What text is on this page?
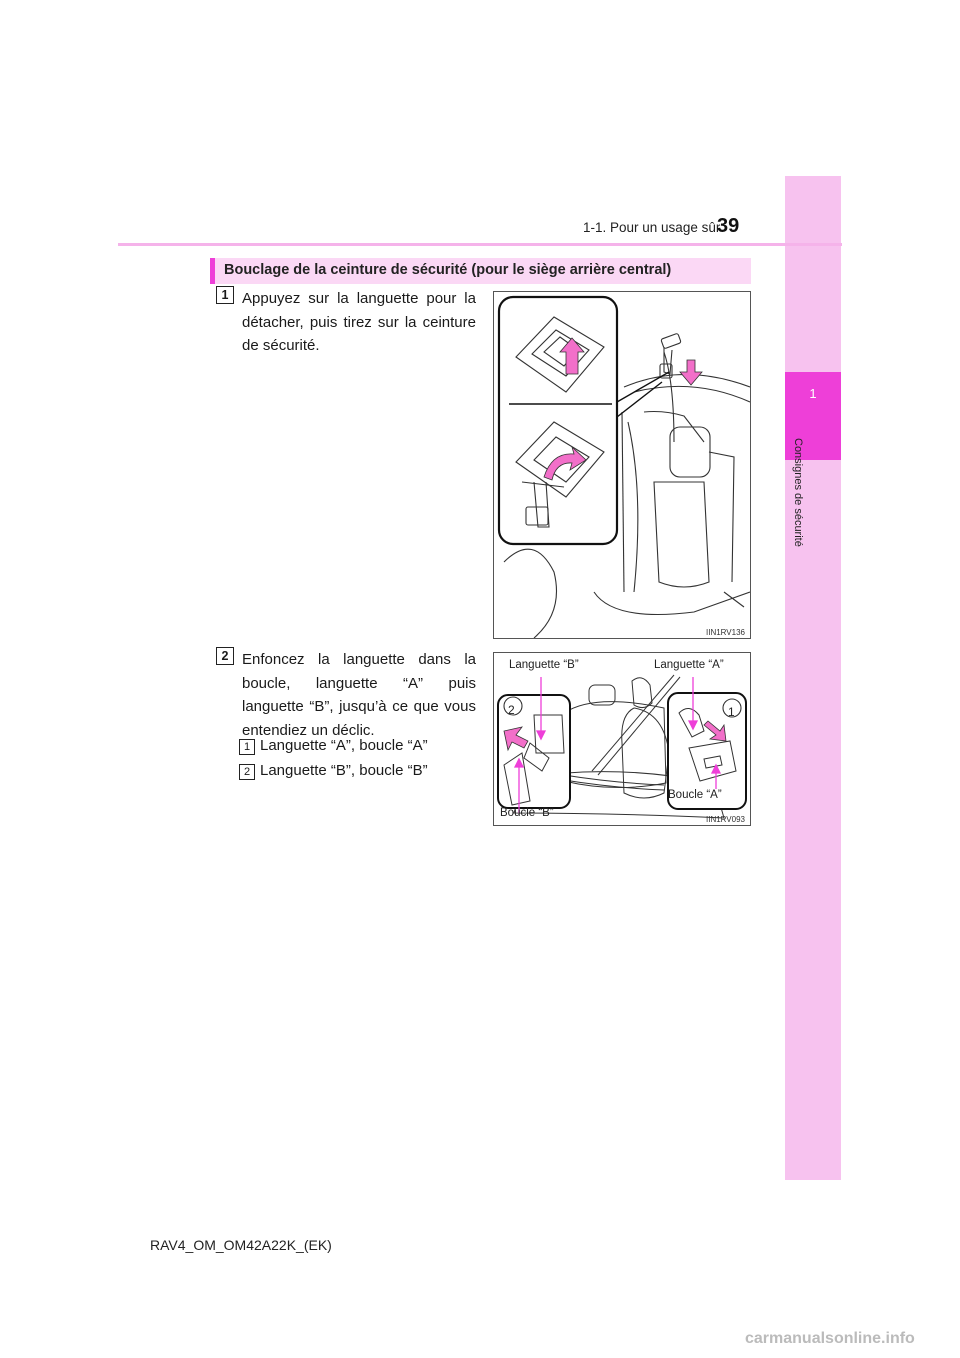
1
Consignes de sécurité
1-1. Pour un usage sûr
39
Bouclage de la ceinture de sécurité (pour le siège arrière central)
1 Appuyez sur la languette pour la détacher, puis tirez sur la ceinture de sécurité.
IIN1RV136
2 Enfoncez la languette dans la boucle, languette “A” puis languette “B”, jusqu’à ce que vous entendiez un déclic.
1 Languette “A”, boucle “A”
2 Languette “B”, boucle “B”
2	1
Languette “B”	Languette “A”
Boucle “B”
Boucle “A”
IIN1RV093
RAV4_OM_OM42A22K_(EK)
carmanualsonline.info
